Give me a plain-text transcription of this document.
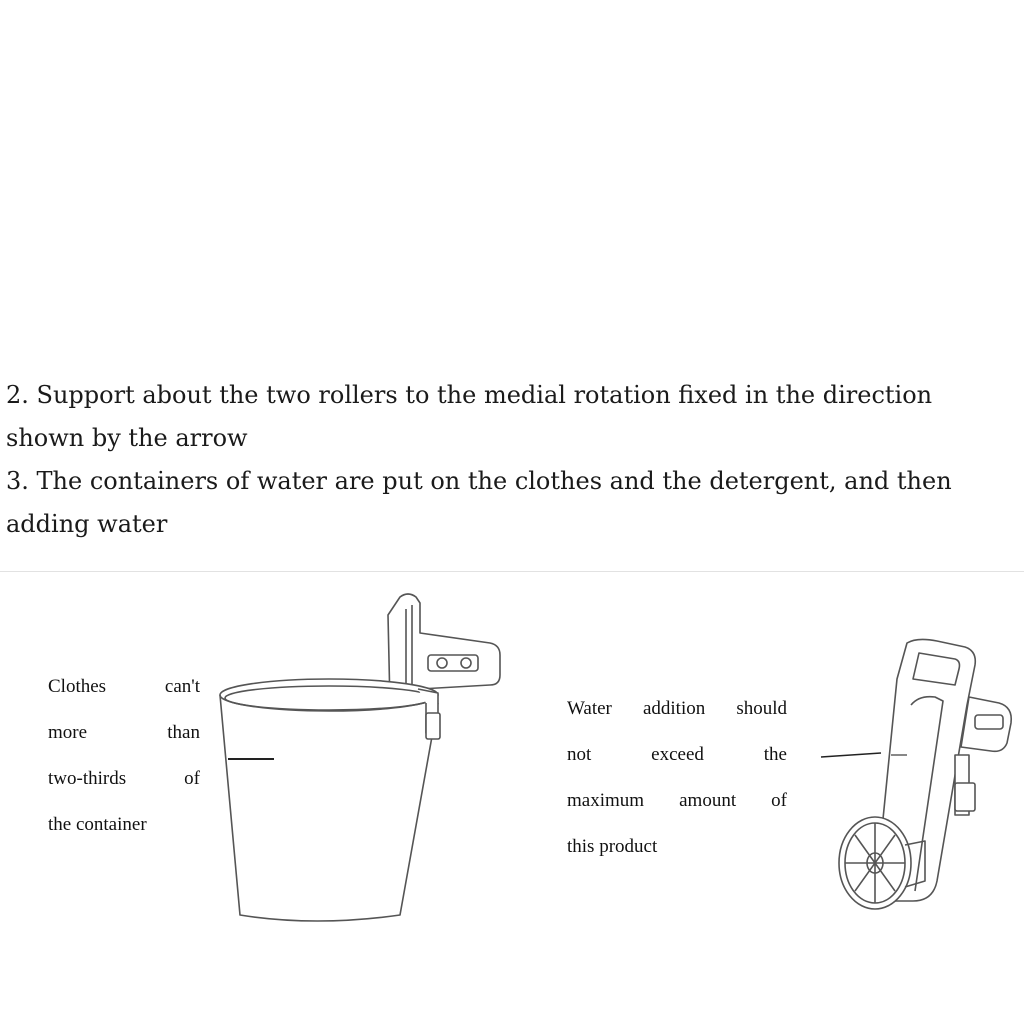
2. Support about the two rollers to the medial rotation fixed in the direction shown by the arrow

3. The containers of water are put on the clothes and the detergent, and then adding water

Clothes can't
more than
two-thirds of
the container
Water addition should
not exceed the
maximum amount of
this product
